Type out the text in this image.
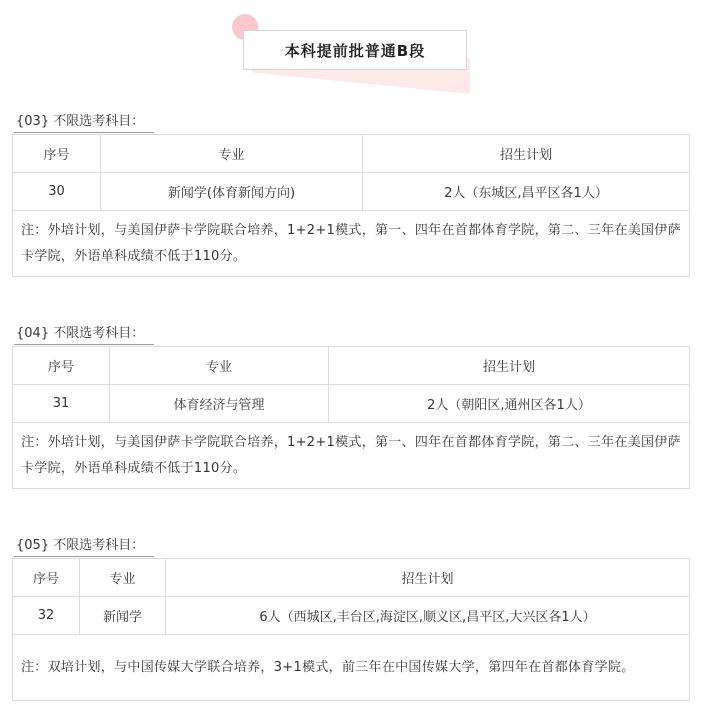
本科提前批普通B段
{03} 不限选考科目：
序号	专业	招生计划
30	新闻学(体育新闻方向)	2人（东城区,昌平区各1人）
注：外培计划，与美国伊萨卡学院联合培养，1+2+1模式，第一、四年在首都体育学院，第二、三年在美国伊萨卡学院，外语单科成绩不低于110分。		
{04} 不限选考科目：
序号	专业	招生计划
31	体育经济与管理	2人（朝阳区,通州区各1人）
注：外培计划，与美国伊萨卡学院联合培养，1+2+1模式，第一、四年在首都体育学院，第二、三年在美国伊萨卡学院，外语单科成绩不低于110分。		
{05} 不限选考科目：
序号	专业	招生计划
32	新闻学	6人（西城区,丰台区,海淀区,顺义区,昌平区,大兴区各1人）
注：双培计划，与中国传媒大学联合培养，3+1模式，前三年在中国传媒大学，第四年在首都体育学院。		
